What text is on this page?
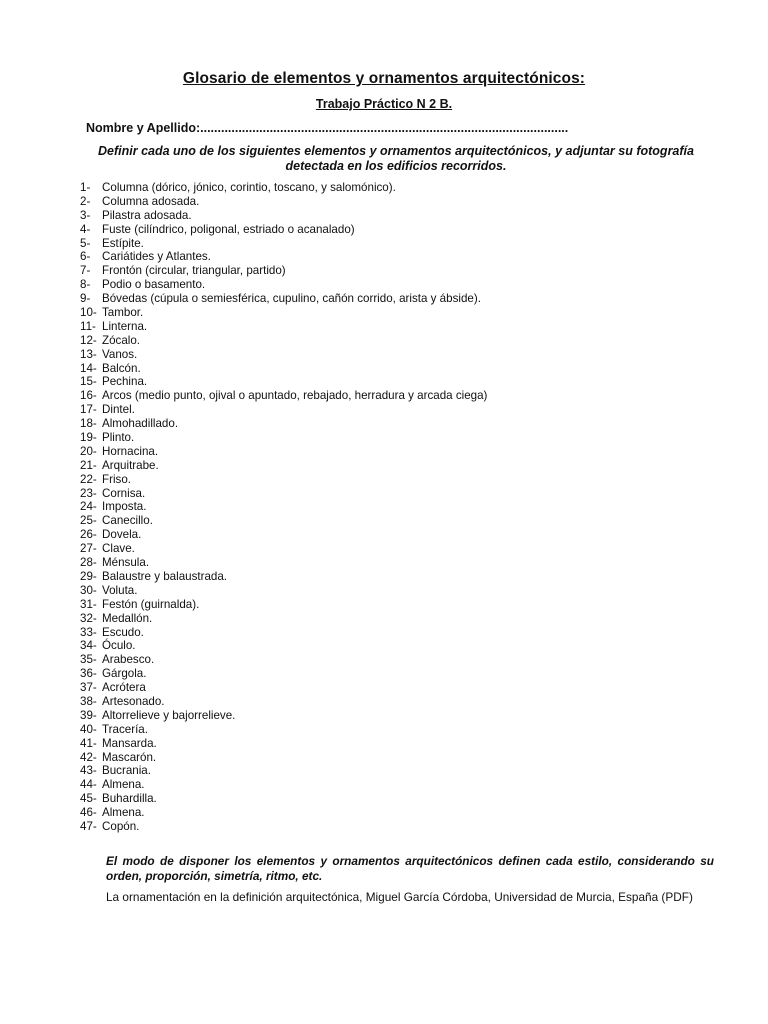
Glosario de elementos y ornamentos arquitectónicos:
Trabajo Práctico N 2 B.
Nombre y Apellido:..........................................................................................................
Definir cada uno de los siguientes elementos y ornamentos arquitectónicos, y adjuntar su fotografía detectada en los edificios recorridos.
1-	Columna (dórico, jónico, corintio, toscano, y salomónico).
2-	Columna adosada.
3-	Pilastra adosada.
4-	Fuste (cilíndrico, poligonal, estriado o acanalado)
5-	Estípite.
6-	Cariátides y Atlantes.
7-	Frontón (circular, triangular, partido)
8-	Podio o basamento.
9-	Bóvedas (cúpula o semiesférica, cupulino, cañón corrido, arista y ábside).
10- Tambor.
11- Linterna.
12- Zócalo.
13- Vanos.
14- Balcón.
15- Pechina.
16- Arcos (medio punto, ojival o apuntado, rebajado, herradura y arcada ciega)
17- Dintel.
18- Almohadillado.
19- Plinto.
20- Hornacina.
21- Arquitrabe.
22- Friso.
23- Cornisa.
24- Imposta.
25- Canecillo.
26- Dovela.
27- Clave.
28- Ménsula.
29- Balaustre y balaustrada.
30- Voluta.
31- Festón (guirnalda).
32- Medallón.
33- Escudo.
34- Óculo.
35- Arabesco.
36- Gárgola.
37- Acrótera
38- Artesonado.
39- Altorrelieve y bajorrelieve.
40- Tracería.
41- Mansarda.
42- Mascarón.
43- Bucrania.
44- Almena.
45- Buhardilla.
46- Almena.
47- Copón.
El modo de disponer los elementos y ornamentos arquitectónicos definen cada estilo, considerando su orden, proporción, simetría, ritmo, etc.
La ornamentación en la definición arquitectónica, Miguel García Córdoba, Universidad de Murcia, España (PDF)
